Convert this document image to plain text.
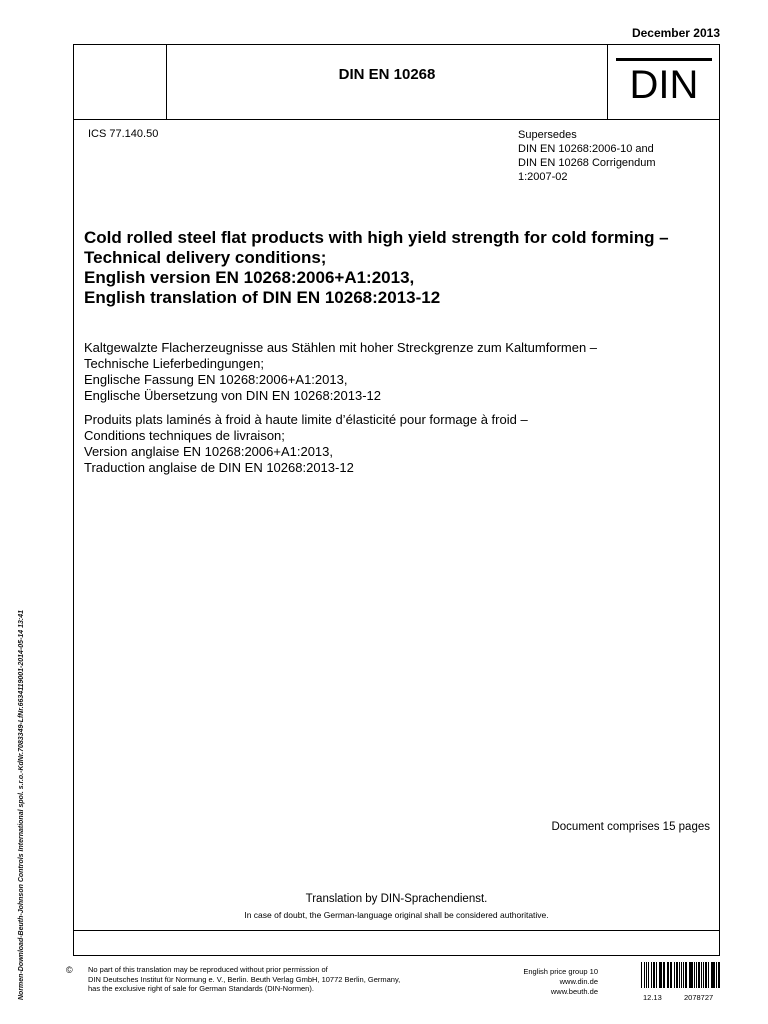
December 2013
DIN EN 10268	DIN
ICS 77.140.50	Supersedes
DIN EN 10268:2006-10 and
DIN EN 10268 Corrigendum
1:2007-02
Cold rolled steel flat products with high yield strength for cold forming –
Technical delivery conditions;
English version EN 10268:2006+A1:2013,
English translation of DIN EN 10268:2013-12
Kaltgewalzte Flacherzeugnisse aus Stählen mit hoher Streckgrenze zum Kaltumformen –
Technische Lieferbedingungen;
Englische Fassung EN 10268:2006+A1:2013,
Englische Übersetzung von DIN EN 10268:2013-12
Produits plats laminés à froid à haute limite d’élasticité pour formage à froid –
Conditions techniques de livraison;
Version anglaise EN 10268:2006+A1:2013,
Traduction anglaise de DIN EN 10268:2013-12
Document comprises 15 pages
Translation by DIN-Sprachendienst.
In case of doubt, the German-language original shall be considered authoritative.
© No part of this translation may be reproduced without prior permission of
DIN Deutsches Institut für Normung e. V., Berlin. Beuth Verlag GmbH, 10772 Berlin, Germany,
has the exclusive right of sale for German Standards (DIN-Normen).
English price group 10
www.din.de
www.beuth.de
12.13	2078727
Normen-Download-Beuth-Johnson Controls International spol. s.r.o.-KdNr.7083349-LfNr.6634119001-2014-05-14 13:41
